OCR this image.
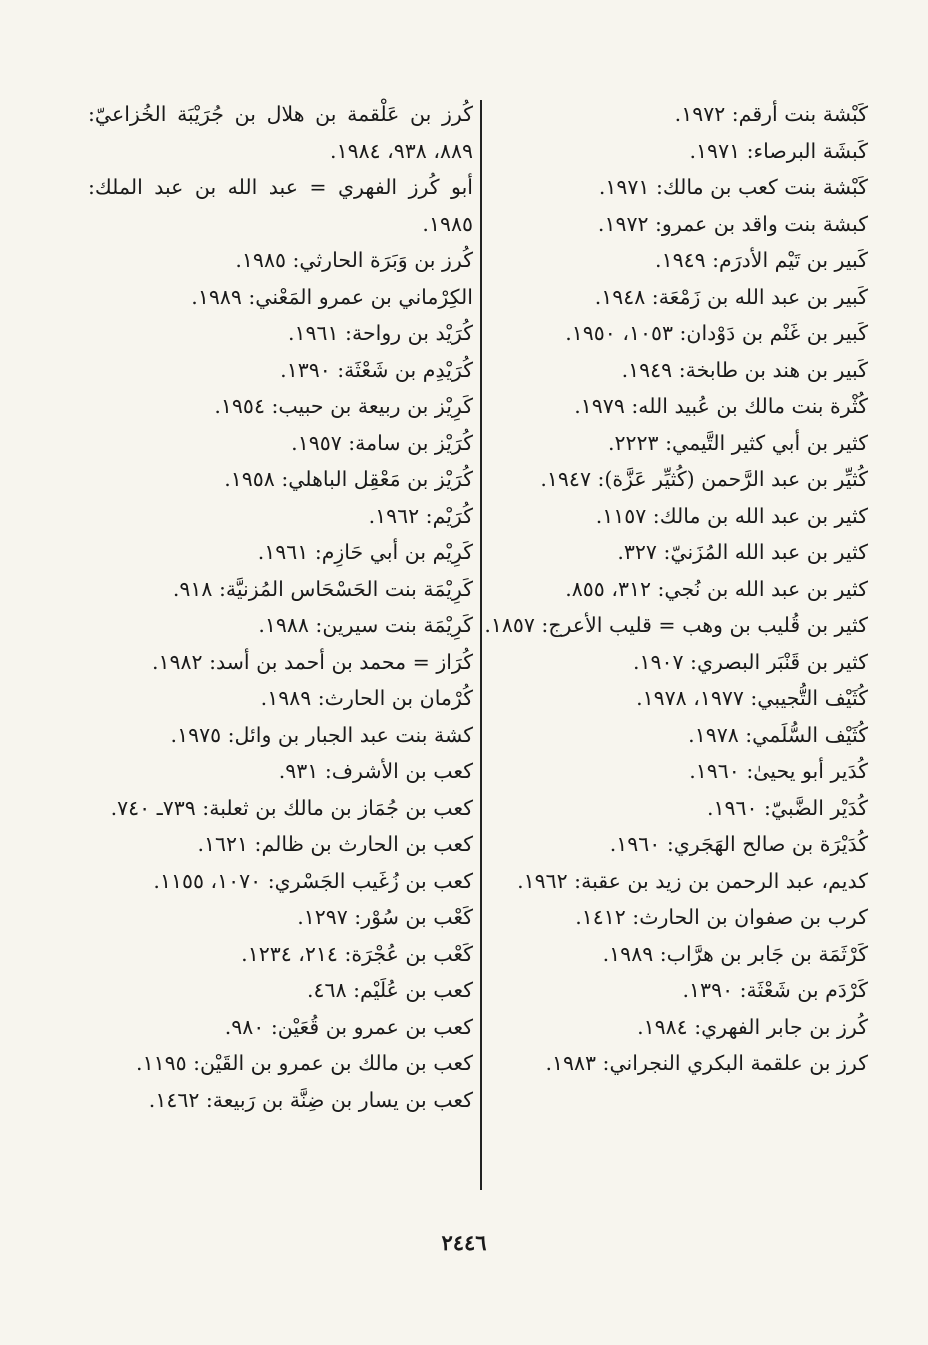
كَبْشة بنت أرقم: ١٩٧٢.

كَبشَة البرصاء: ١٩٧١.

كَبْشة بنت كعب بن مالك: ١٩٧١.

كبشة بنت واقد بن عمرو: ١٩٧٢.

كَبير بن تَيْم الأدرَم: ١٩٤٩.

كَبير بن عبد الله بن زَمْعَة: ١٩٤٨.

كَبير بن غَنْم بن دَوْدان: ١٠٥٣، ١٩٥٠.

كَبير بن هند بن طابخة: ١٩٤٩.

كُثْرة بنت مالك بن عُبيد الله: ١٩٧٩.

كثير بن أبي كثير التَّيمي: ٢٢٢٣.

كُثيِّر بن عبد الرَّحمن (كُثيِّر عَزَّة): ١٩٤٧.

كثير بن عبد الله بن مالك: ١١٥٧.

كثير بن عبد الله المُزَنيّ: ٣٢٧.

كثير بن عبد الله بن نُجي: ٣١٢، ٨٥٥.

كثير بن قُليب بن وهب = قليب الأعرج: ١٨٥٧.

كثير بن قَنْبَر البصري: ١٩٠٧.

كُثَيْف التُّجيبي: ١٩٧٧، ١٩٧٨.

كُثَيْف السُّلَمي: ١٩٧٨.

كُدَير أبو يحيىٰ: ١٩٦٠.

كُدَيْر الضَّبيّ: ١٩٦٠.

كُدَيْرَة بن صالح الهَجَري: ١٩٦٠.

كديم، عبد الرحمن بن زيد بن عقبة: ١٩٦٢.

كرب بن صفوان بن الحارث: ١٤١٢.

كَرْثَمَة بن جَابر بن هرَّاب: ١٩٨٩.

كَرْدَم بن شَعْثَة: ١٣٩٠.

كُرز بن جابر الفهري: ١٩٨٤.

كرز بن علقمة البكري النجراني: ١٩٨٣.

كُرز بن عَلْقمة بن هلال بن جُرَيْبَة الخُزاعيّ: ٨٨٩، ٩٣٨، ١٩٨٤.

أبو كُرز الفهري = عبد الله بن عبد الملك: ١٩٨٥.

كُرز بن وَبَرَة الحارثي: ١٩٨٥.

الكِرْماني بن عمرو المَعْني: ١٩٨٩.

كُرَيْد بن رواحة: ١٩٦١.

كُرَيْدِم بن شَعْثَة: ١٣٩٠.

كَرِيْز بن ربيعة بن حبيب: ١٩٥٤.

كُرَيْز بن سامة: ١٩٥٧.

كُرَيْز بن مَعْقِل الباهلي: ١٩٥٨.

كُرَيْم: ١٩٦٢.

كَرِيْم بن أبي حَازِم: ١٩٦١.

كَرِيْمَة بنت الحَسْحَاس المُزنيَّة: ٩١٨.

كَرِيْمَة بنت سيرين: ١٩٨٨.

كُرَاز = محمد بن أحمد بن أسد: ١٩٨٢.

كُرْمان بن الحارث: ١٩٨٩.

كشة بنت عبد الجبار بن وائل: ١٩٧٥.

كعب بن الأشرف: ٩٣١.

كعب بن جُمَاز بن مالك بن ثعلبة: ٧٣٩ـ ٧٤٠.

كعب بن الحارث بن ظالم: ١٦٢١.

كعب بن زُغَيب الجَسْري: ١٠٧٠، ١١٥٥.

كَعْب بن سُوْر: ١٢٩٧.

كَعْب بن عُجْرَة: ٢١٤، ١٢٣٤.

كعب بن عُلَيْم: ٤٦٨.

كعب بن عمرو بن قُعَيْن: ٩٨٠.

كعب بن مالك بن عمرو بن القَيْن: ١١٩٥.

كعب بن يسار بن ضِنَّة بن رَبيعة: ١٤٦٢.

٢٤٤٦
